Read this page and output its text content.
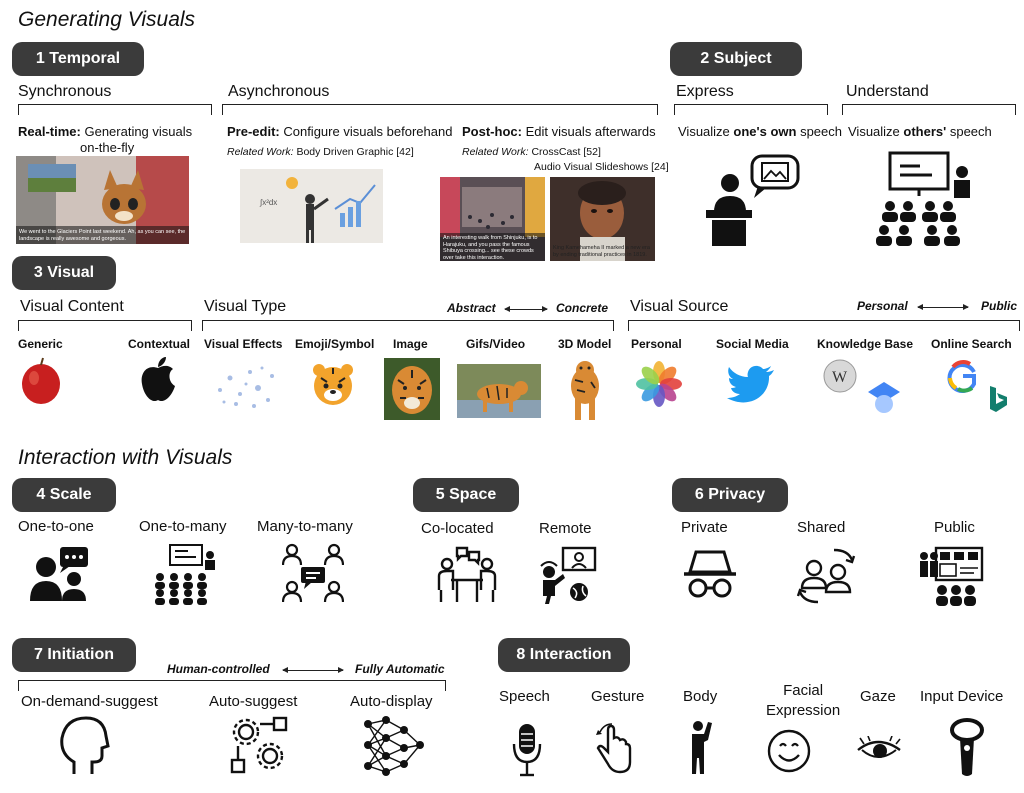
Generating Visuals
Interaction with Visuals
1 Temporal
Synchronous	Asynchronous
Real-time: Generating visuals
on-the-fly
We went to the Glaciers Point last weekend. Ah, as you can see, the landscape is really awesome and gorgeous.
Pre-edit: Configure visuals beforehand
Related Work: Body Driven Graphic [42]
∫x²dx
Post-hoc: Edit visuals afterwards
Related Work: CrossCast [52]
Audio Visual Slideshows [24]
An interesting walk from Shinjuku, is to Harajuku, and you pass the famous Shibuya crossing... see these crowds over take this interaction.
King Kamehameha II marked a new era by ending traditional practices in 1819.
2 Subject
Express	Understand
Visualize one's own speech Visualize others' speech
3 Visual
Visual Content	Visual Type	Visual Source
Abstract	Concrete	Personal	Public
Generic	Contextual Visual Effects Emoji/Symbol Image	Gifs/Video	3D Model Personal	Social Media Knowledge Base Online Search
W
4 Scale
One-to-one	One-to-many Many-to-many
5 Space
Co-located	Remote
6 Privacy
Private	Shared	Public
7 Initiation
Human-controlled	Fully Automatic
On-demand-suggest	Auto-suggest	Auto-display
8 Interaction
Speech	Gesture	Body	Facial
Expression
Gaze Input Device
